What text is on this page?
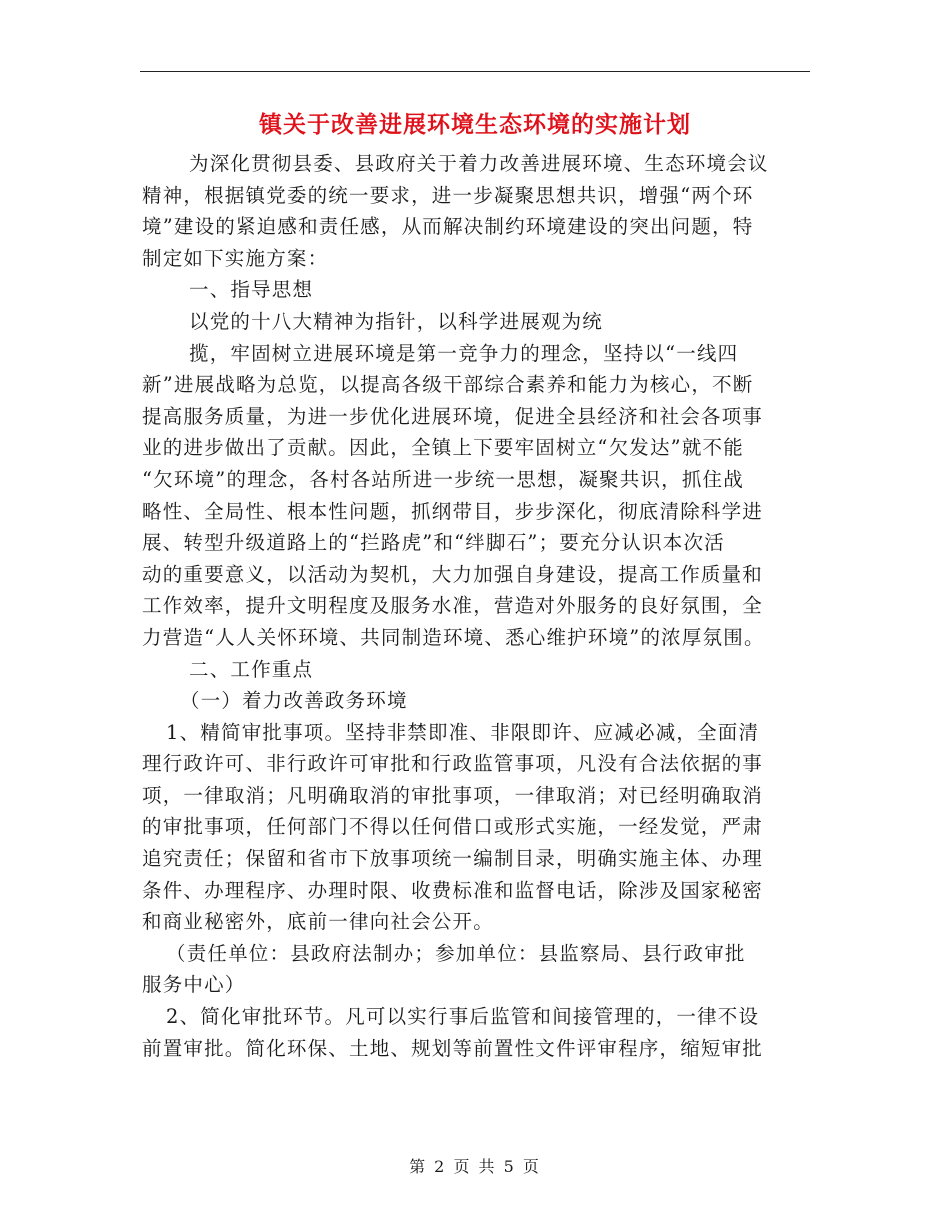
镇关于改善进展环境生态环境的实施计划

为深化贯彻县委、县政府关于着力改善进展环境、生态环境会议

精神，根据镇党委的统一要求，进一步凝聚思想共识，增强“两个环

境”建设的紧迫感和责任感，从而解决制约环境建设的突出问题，特

制定如下实施方案：

一、指导思想

以党的十八大精神为指针，以科学进展观为统

揽，牢固树立进展环境是第一竞争力的理念，坚持以“一线四

新”进展战略为总览，以提高各级干部综合素养和能力为核心，不断

提高服务质量，为进一步优化进展环境，促进全县经济和社会各项事

业的进步做出了贡献。因此，全镇上下要牢固树立“欠发达”就不能

“欠环境”的理念，各村各站所进一步统一思想，凝聚共识，抓住战

略性、全局性、根本性问题，抓纲带目，步步深化，彻底清除科学进

展、转型升级道路上的“拦路虎”和“绊脚石”；要充分认识本次活

动的重要意义，以活动为契机，大力加强自身建设，提高工作质量和

工作效率，提升文明程度及服务水准，营造对外服务的良好氛围，全

力营造“人人关怀环境、共同制造环境、悉心维护环境”的浓厚氛围。

二、工作重点

（一）着力改善政务环境

1、精简审批事项。坚持非禁即准、非限即许、应减必减，全面清

理行政许可、非行政许可审批和行政监管事项，凡没有合法依据的事

项，一律取消；凡明确取消的审批事项，一律取消；对已经明确取消

的审批事项，任何部门不得以任何借口或形式实施，一经发觉，严肃

追究责任；保留和省市下放事项统一编制目录，明确实施主体、办理

条件、办理程序、办理时限、收费标准和监督电话，除涉及国家秘密

和商业秘密外，底前一律向社会公开。

（责任单位：县政府法制办；参加单位：县监察局、县行政审批

服务中心）

2、简化审批环节。凡可以实行事后监管和间接管理的，一律不设

前置审批。简化环保、土地、规划等前置性文件评审程序，缩短审批

第 2 页 共 5 页
